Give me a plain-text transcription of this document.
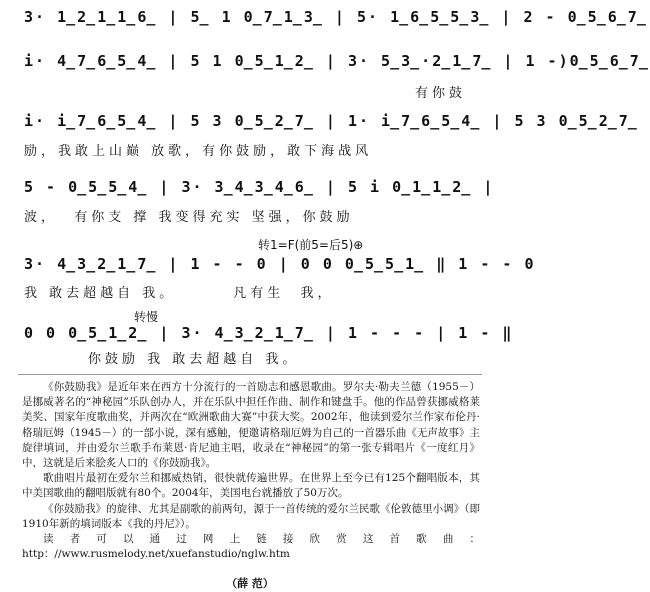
3· 1̲2̲1̲1̲6̲ | 5̲ 1 0̲7̲1̲3̲ | 5· 1̲6̲5̲5̲3̲ | 2 - 0̲5̲6̲7̲
i· 4̲7̲6̲5̲4̲ | 5 1 0̲5̲1̲2̲ | 3· 5̲3̲·2̲1̲7̲ | 1 -)0̲5̲6̲7̲
有你鼓
i· i̲7̲6̲5̲4̲ | 5 3 0̲5̲2̲7̲ | 1· i̲7̲6̲5̲4̲ | 5 3 0̲5̲2̲7̲
励，我敢上山巅 放歌，有你鼓励，敢下海战风
5 - 0̲5̲5̲4̲ | 3· 3̲4̲3̲4̲6̲ | 5 i 0̲1̲1̲2̲ |
波，  有你支 撑 我变得充实 坚强，你鼓励
转1=F(前5=后5)⊕
3· 4̲3̲2̲1̲7̲ | 1 - - 0 | 0 0 0̲5̲5̲1̲ ‖ 1 - - 0
我 敢去超越自 我。       凡有生  我，
转慢
0 0 0̲5̲1̲2̲ | 3· 4̲3̲2̲1̲7̲ | 1 - - - | 1 - ‖
你鼓励 我 敢去超越自 我。

《你鼓励我》是近年来在西方十分流行的一首励志和感恩歌曲。罗尔夫·勒夫兰德（1955－）是挪威著名的“神秘园”乐队创办人，并在乐队中担任作曲、制作和键盘手。他的作品曾获挪威格莱美奖、国家年度歌曲奖，并两次在“欧洲歌曲大赛”中获大奖。2002年，他读到爱尔兰作家布伦丹·格瑞厄姆（1945－）的一部小说，深有感触，便邀请格瑞厄姆为自己的一首器乐曲《无声故事》主旋律填词，并由爱尔兰歌手布莱恩·肯尼迪主唱，收录在“神秘园”的第一张专辑唱片《一度红月》中，这就是后来脍炙人口的《你鼓励我》。

歌曲唱片最初在爱尔兰和挪威热销，很快就传遍世界。在世界上至今已有125个翻唱版本，其中美国歌曲的翻唱版就有80个。2004年，美国电台就播放了50万次。

《你鼓励我》的旋律、尤其是副歌的前两句，源于一首传统的爱尔兰民歌《伦敦德里小调》（即1910年新的填词版本《我的丹尼》）。

读者可以通过网上链接欣赏这首歌曲：http：//www.rusmelody.net/xuefanstudio/nglw.htm

（薛 范）
